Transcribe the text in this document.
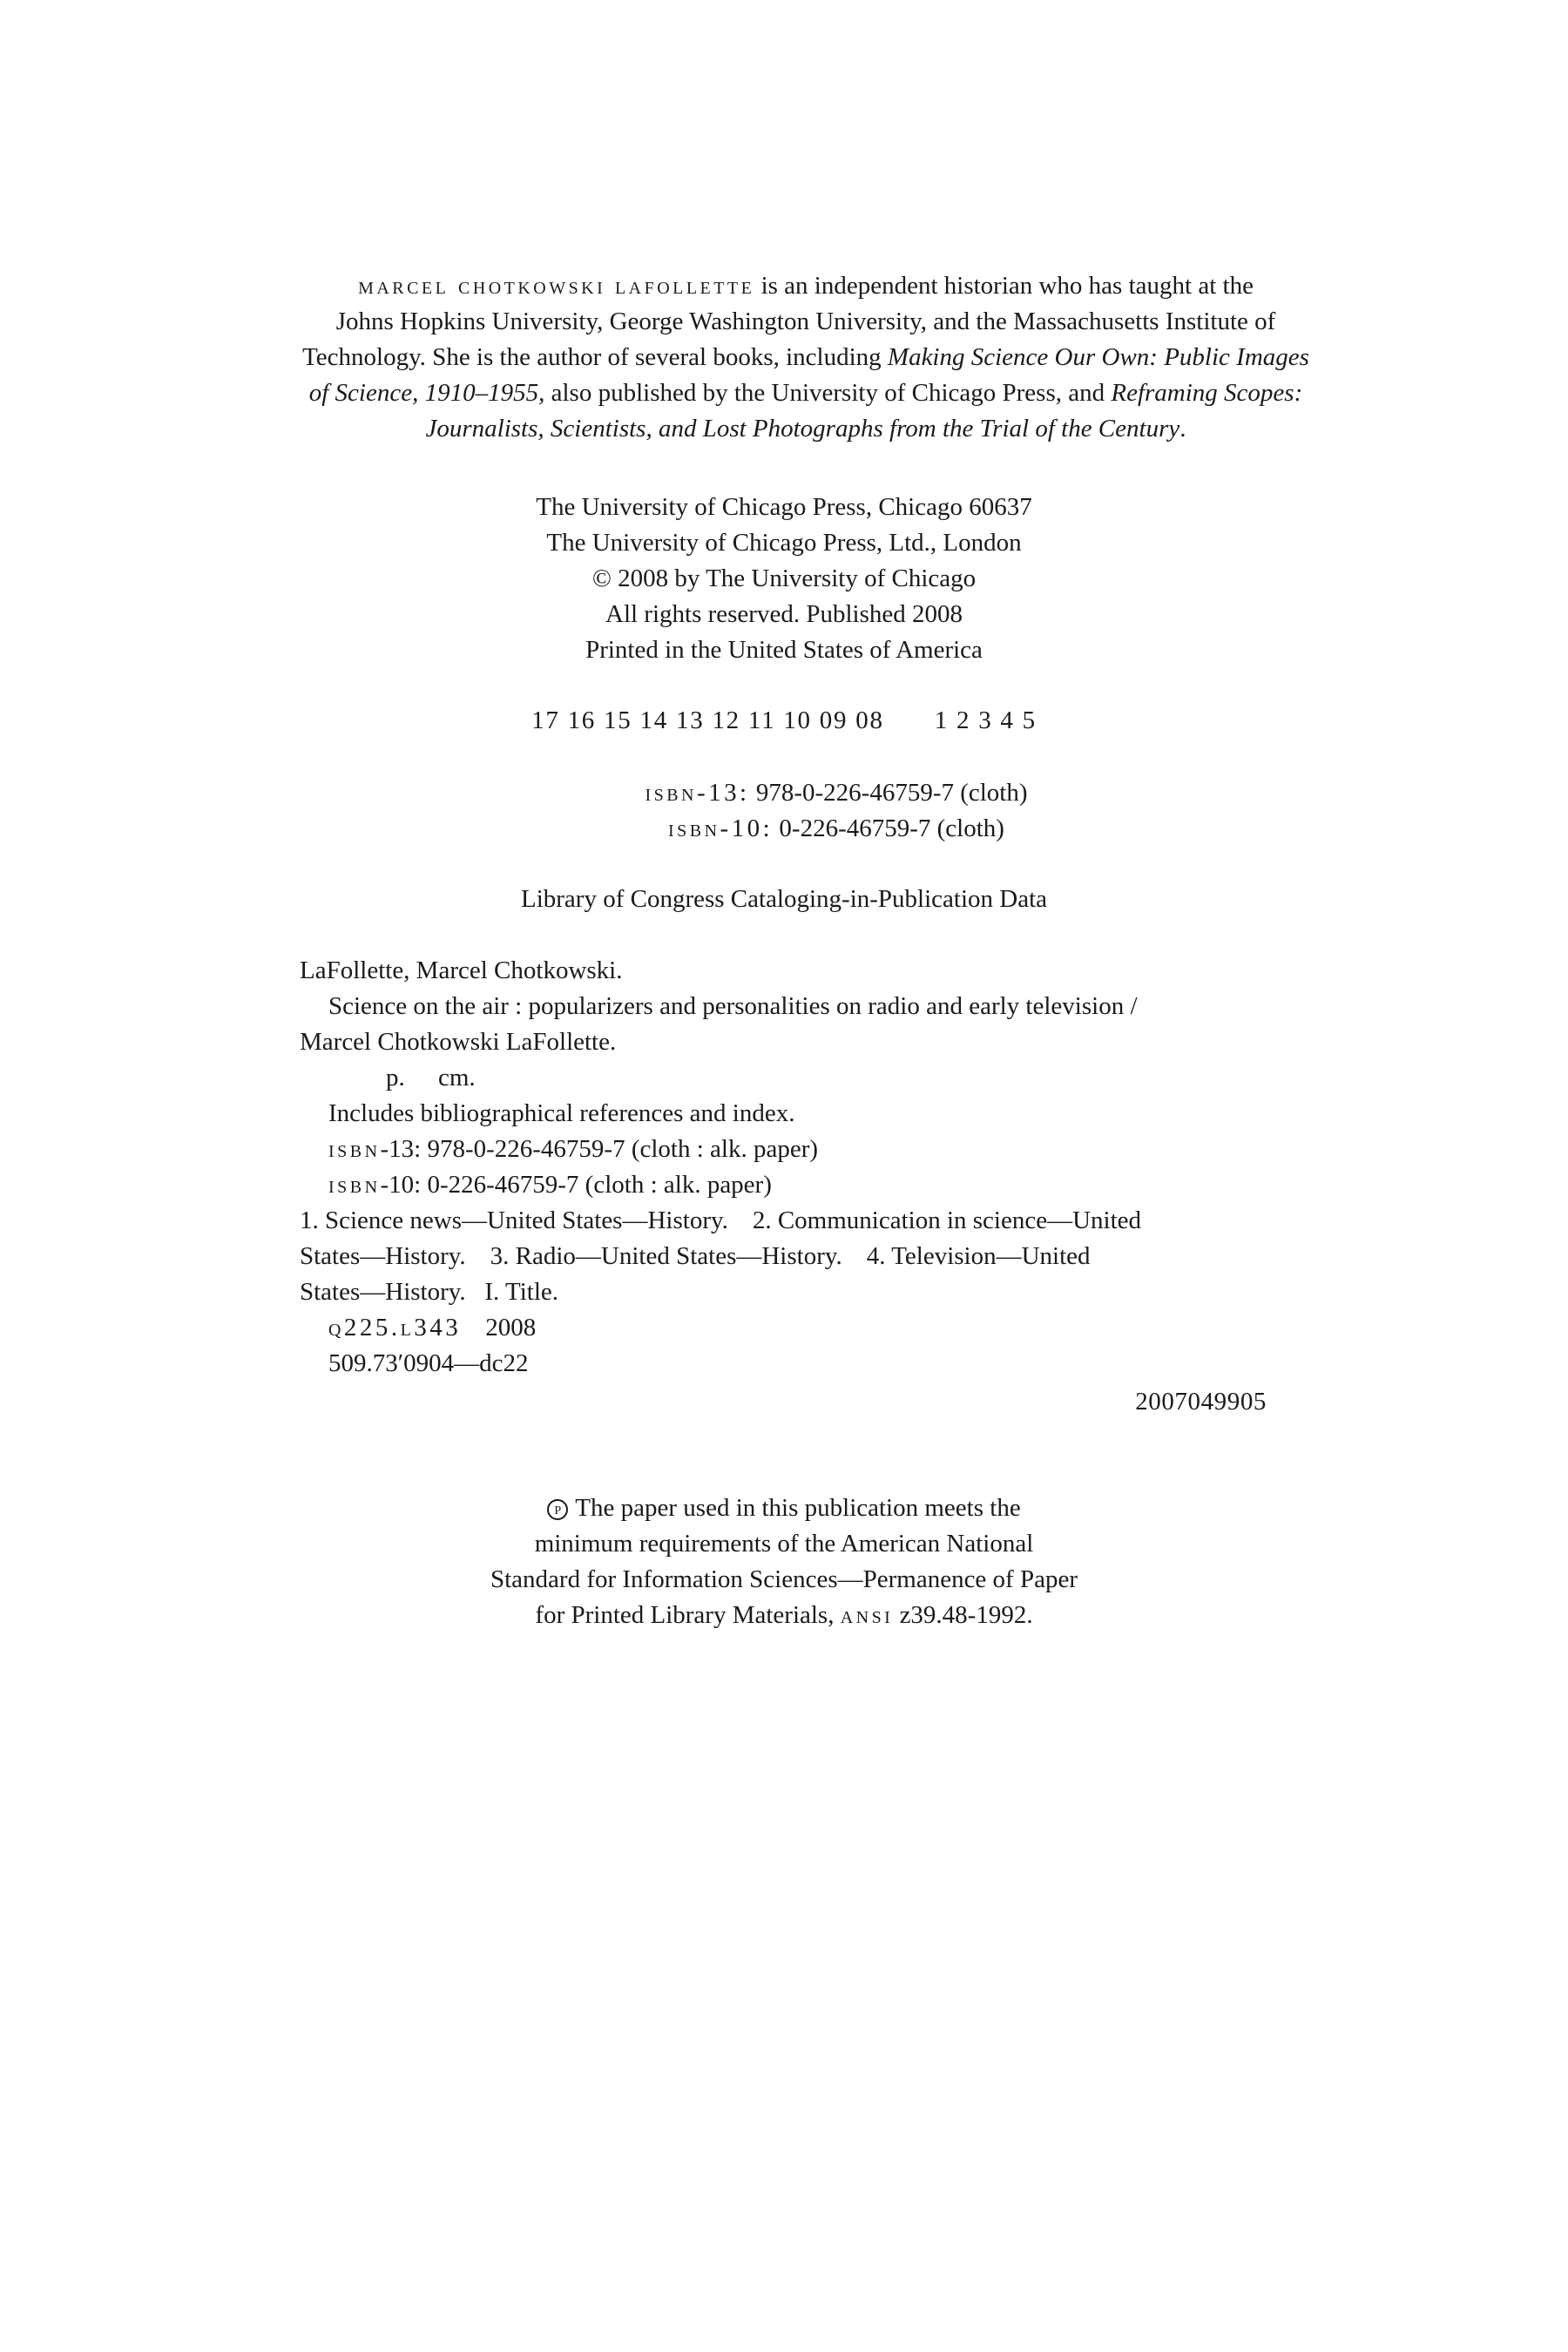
marcel chotkowski lafollette is an independent historian who has taught at the
Johns Hopkins University, George Washington University, and the Massachusetts Institute of
Technology. She is the author of several books, including Making Science Our Own: Public Images
of Science, 1910–1955, also published by the University of Chicago Press, and Reframing Scopes:
Journalists, Scientists, and Lost Photographs from the Trial of the Century.
The University of Chicago Press, Chicago 60637
The University of Chicago Press, Ltd., London
© 2008 by The University of Chicago
All rights reserved. Published 2008
Printed in the United States of America
17 16 15 14 13 12 11 10 09 08 1 2 3 4 5
isbn-13: 978-0-226-46759-7 (cloth)
isbn-10: 0-226-46759-7 (cloth)
Library of Congress Cataloging-in-Publication Data
LaFollette, Marcel Chotkowski.
Science on the air : popularizers and personalities on radio and early television /
Marcel Chotkowski LaFollette.
p. cm.
Includes bibliographical references and index.
isbn-13: 978-0-226-46759-7 (cloth : alk. paper)
isbn-10: 0-226-46759-7 (cloth : alk. paper)
1. Science news—United States—History. 2. Communication in science—United
States—History. 3. Radio—United States—History. 4. Television—United
States—History.   I. Title.
q225.l343 2008
509.73′0904—dc22
2007049905
P The paper used in this publication meets the
minimum requirements of the American National
Standard for Information Sciences—Permanence of Paper
for Printed Library Materials, ansi z39.48-1992.
